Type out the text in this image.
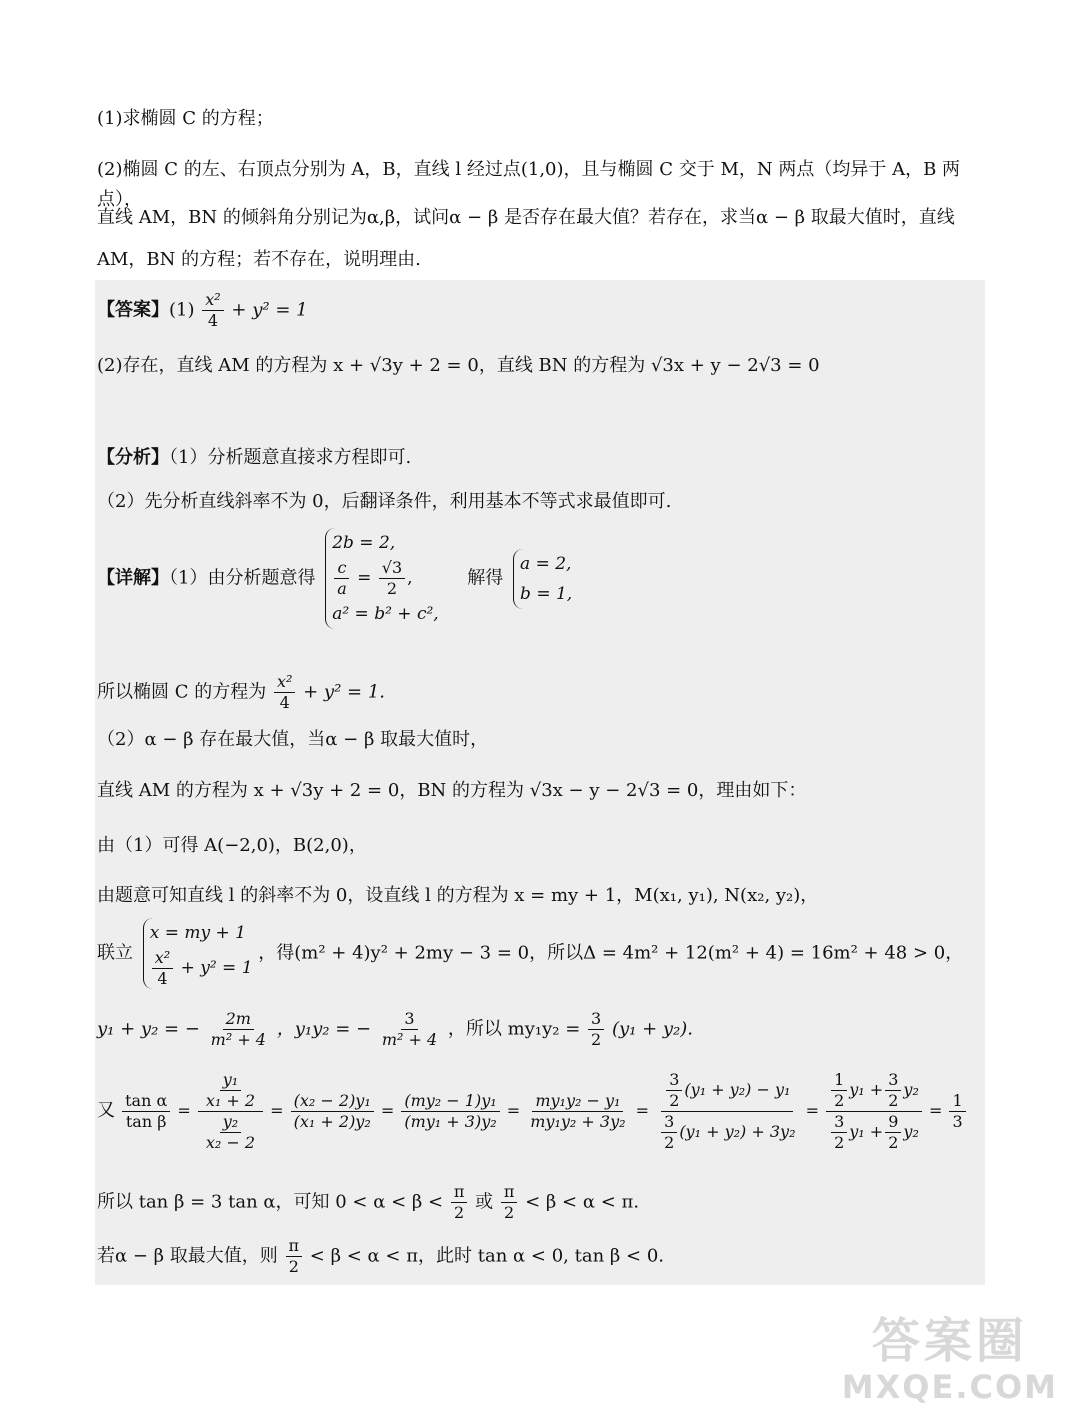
(1)求椭圆 C 的方程；
(2)椭圆 C 的左、右顶点分别为 A，B，直线 l 经过点(1,0)，且与椭圆 C 交于 M，N 两点（均异于 A，B 两点），
直线 AM，BN 的倾斜角分别记为α,β，试问α − β 是否存在最大值？若存在，求当α − β 取最大值时，直线
AM，BN 的方程；若不存在，说明理由.
【答案】$(1) \frac{\text{x²}}{4} + y^2 = 1$
(2)存在，直线 AM 的方程为 x + √3y + 2 = 0，直线 BN 的方程为 √3x + y − 2√3 = 0
【分析】（1）分析题意直接求方程即可.
（2）先分析直线斜率不为 0，后翻译条件，利用基本不等式求最值即可.
【详解】（1）由分析题意得
2b = 2,
$\frac{c}{a} = \frac{√3}{2}$ ,
a² = b² + c²,
解得
a = 2,
b = 1,
所以椭圆 C 的方程为 $\frac{\text{x²}}{4} + y^2 = 1$.
（2）α − β 存在最大值，当α − β 取最大值时，
直线 AM 的方程为 x + √3y + 2 = 0，BN 的方程为 √3x − y − 2√3 = 0，理由如下：
由（1）可得 A(−2,0)，B(2,0)，
由题意可知直线 l 的斜率不为 0，设直线 l 的方程为 x = my + 1，M(x₁, y₁), N(x₂, y₂)，
联立
x = my + 1
$\frac{\text{x²}}{4} + y^2 = 1$
，得(m² + 4)y² + 2my − 3 = 0，所以Δ = 4m² + 12(m² + 4) = 16m² + 48 > 0，
y₁ + y₂ = − $\frac{2m}{\text{m² + 4}}$ ，y₁y₂ = − $\frac{3}{\text{m² + 4}}$ ，所以 $my_1y_2 = \frac{3}{2} (y_1 + y_2)$.
又 $\frac{\text{tan α}}{\text{tan β}} = \frac{\frac{\text{y₁}}{\text{x₁ + 2}}}{\frac{\text{y₂}}{\text{x₂ − 2}}} = \frac{\text{(x₂ − 2)y₁}}{\text{(x₁ + 2)y₂}} = \frac{\text{(my₂ − 1)y₁}}{\text{(my₁ + 3)y₂}} = \frac{\text{my₁y₂ − y₁}}{\text{my₁y₂ + 3y₂}} = \frac{\frac{3}{2} (y_1 + y_2) - y_1}{\frac{3}{2} (y_1 + y_2) + 3y_2} = \frac{\frac{1}{2} y_1 + \frac{3}{2} y_2}{\frac{3}{2} y_1 + \frac{9}{2} y_2} = \frac{1}{3}$
所以 tan β = 3 tan α，可知 $0 < \alpha < \beta < \frac{\pi}{2}$ 或 $\frac{\pi}{2} < \beta < \alpha < \pi$.
若α − β 取最大值，则 $\frac{\pi}{2} < \beta < \alpha < \pi$，此时 tan α < 0, tan β < 0.
答案圈
MXQE.COM
